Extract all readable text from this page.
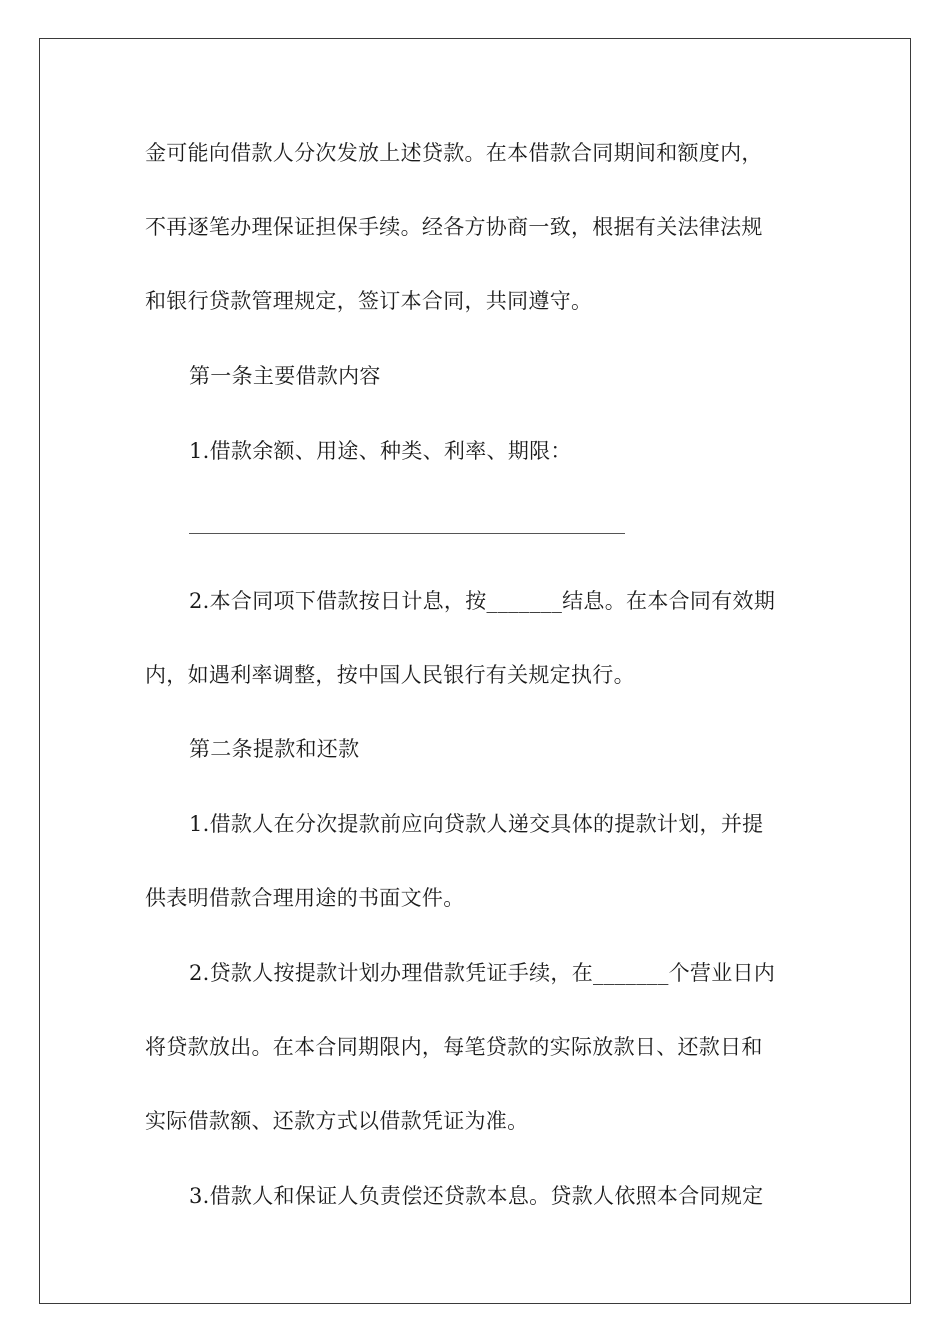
金可能向借款人分次发放上述贷款。在本借款合同期间和额度内，
不再逐笔办理保证担保手续。经各方协商一致，根据有关法律法规
和银行贷款管理规定，签订本合同，共同遵守。
第一条主要借款内容
1.借款余额、用途、种类、利率、期限：
2.本合同项下借款按日计息，按_______结息。在本合同有效期
内，如遇利率调整，按中国人民银行有关规定执行。
第二条提款和还款
1.借款人在分次提款前应向贷款人递交具体的提款计划，并提
供表明借款合理用途的书面文件。
2.贷款人按提款计划办理借款凭证手续，在_______个营业日内
将贷款放出。在本合同期限内，每笔贷款的实际放款日、还款日和
实际借款额、还款方式以借款凭证为准。
3.借款人和保证人负责偿还贷款本息。贷款人依照本合同规定
